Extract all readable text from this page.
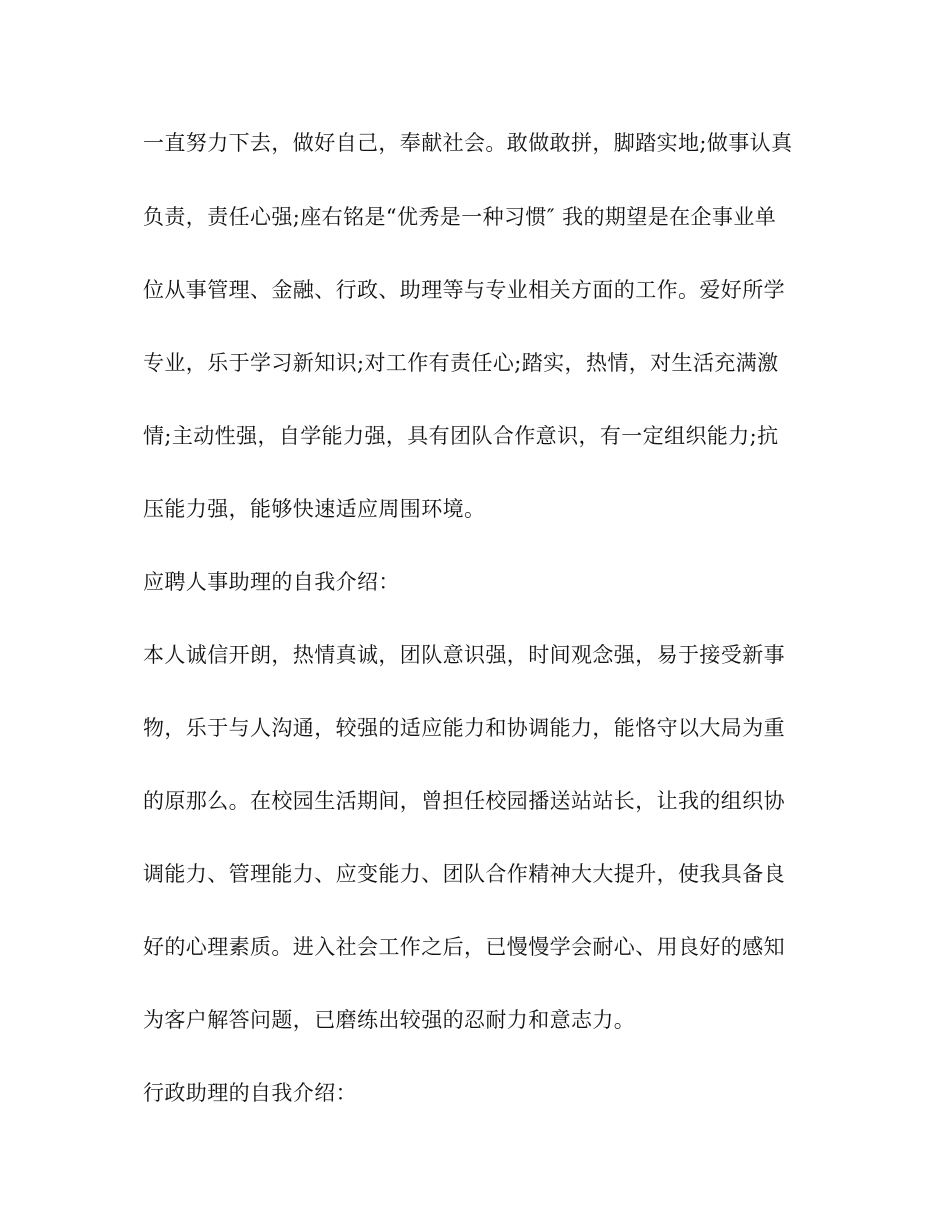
一直努力下去，做好自己，奉献社会。敢做敢拼，脚踏实地;做事认真
负责，责任心强;座右铭是“优秀是一种习惯″ 我的期望是在企事业单
位从事管理、金融、行政、助理等与专业相关方面的工作。爱好所学
专业，乐于学习新知识;对工作有责任心;踏实，热情，对生活充满激
情;主动性强，自学能力强，具有团队合作意识，有一定组织能力;抗
压能力强，能够快速适应周围环境。
应聘人事助理的自我介绍：
本人诚信开朗，热情真诚，团队意识强，时间观念强，易于接受新事
物，乐于与人沟通，较强的适应能力和协调能力，能恪守以大局为重
的原那么。在校园生活期间，曾担任校园播送站站长，让我的组织协
调能力、管理能力、应变能力、团队合作精神大大提升，使我具备良
好的心理素质。进入社会工作之后，已慢慢学会耐心、用良好的感知
为客户解答问题，已磨练出较强的忍耐力和意志力。
行政助理的自我介绍：
